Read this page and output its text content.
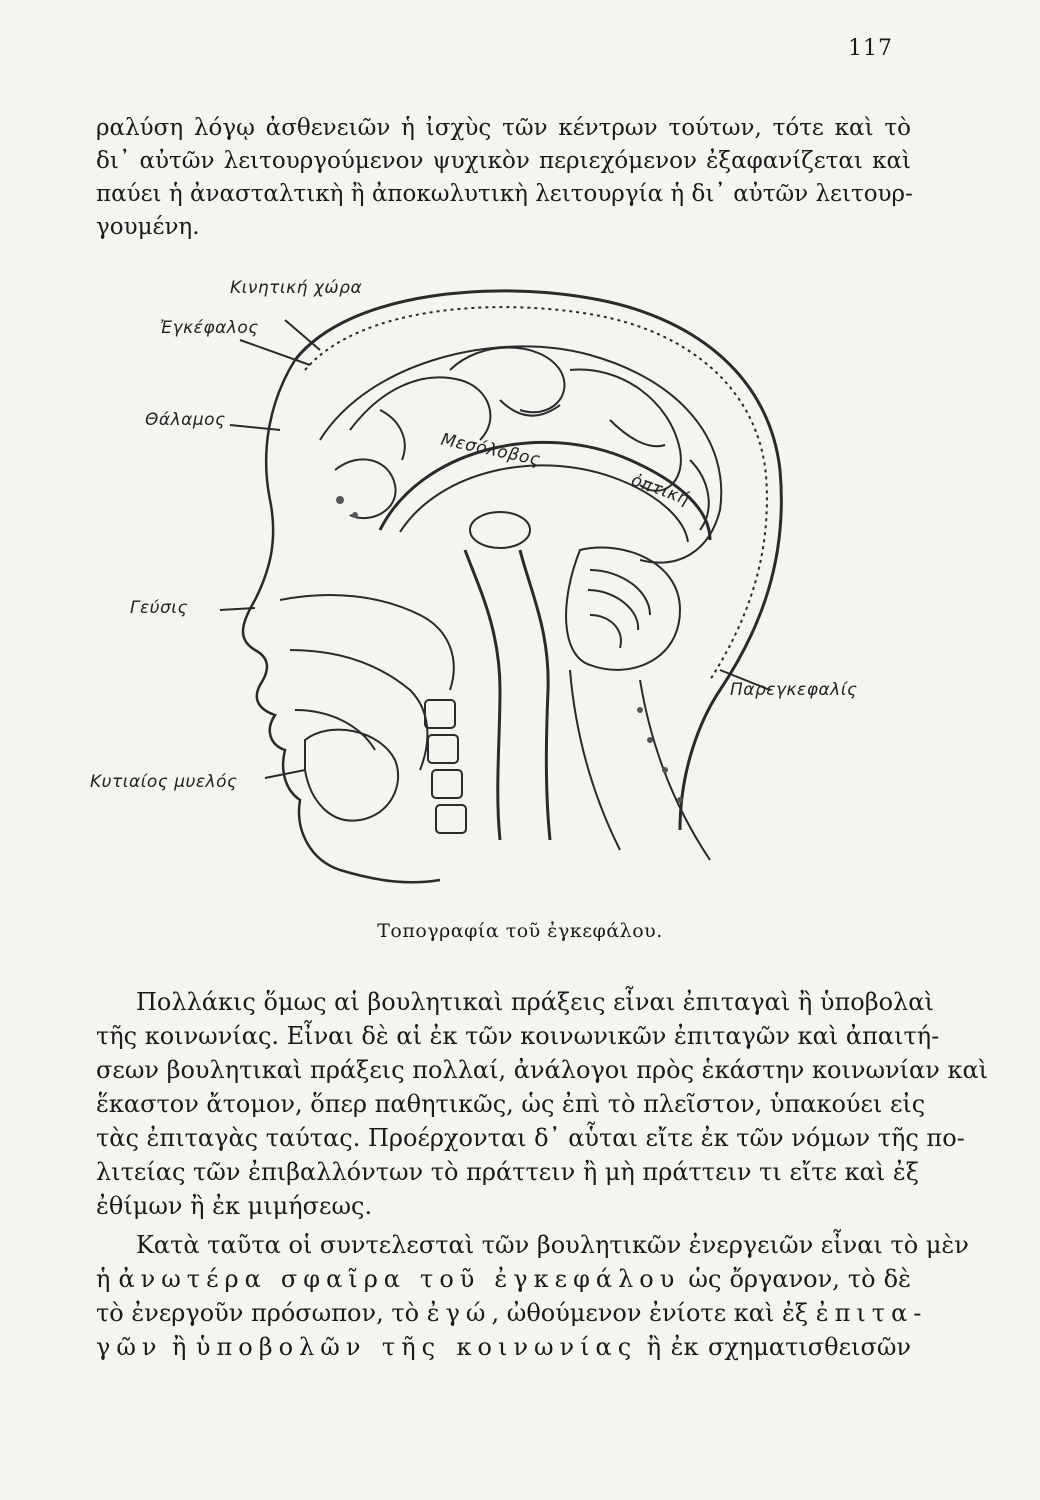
117
ραλύση λόγῳ ἀσθενειῶν ἡ ἰσχὺς τῶν κέντρων τούτων, τότε καὶ τὸ
δι᾽ αὐτῶν λειτουργούμενον ψυχικὸν περιεχόμενον ἐξαφανίζεται καὶ
παύει ἡ ἀνασταλτικὴ ἢ ἀποκωλυτικὴ λειτουργία ἡ δι᾽ αὐτῶν λειτουρ-
γουμένη.
Κινητική χώρα
Ἐγκέφαλος
Θάλαμος
Μεσόλοβος
ὀπτική
Γεύσις
Παρεγκεφαλίς
Κυτιαίος μυελός
Τοπογραφία τοῦ ἐγκεφάλου.
Πολλάκις ὅμως αἱ βουλητικαὶ πράξεις εἶναι ἐπιταγαὶ ἢ ὑποβολαὶ
τῆς κοινωνίας. Εἶναι δὲ αἱ ἐκ τῶν κοινωνικῶν ἐπιταγῶν καὶ ἀπαιτή-
σεων βουλητικαὶ πράξεις πολλαί, ἀνάλογοι πρὸς ἑκάστην κοινωνίαν καὶ
ἕκαστον ἄτομον, ὅπερ παθητικῶς, ὡς ἐπὶ τὸ πλεῖστον, ὑπακούει εἰς
τὰς ἐπιταγὰς ταύτας. Προέρχονται δ᾽ αὗται εἴτε ἐκ τῶν νόμων τῆς πο-
λιτείας τῶν ἐπιβαλλόντων τὸ πράττειν ἢ μὴ πράττειν τι εἴτε καὶ ἐξ
ἐθίμων ἢ ἐκ μιμήσεως.
Κατὰ ταῦτα οἱ συντελεσταὶ τῶν βουλητικῶν ἐνεργειῶν εἶναι τὸ μὲν
ἡ ἀνωτέρα σφαῖρα τοῦ ἐγκεφάλου ὡς ὄργανον, τὸ δὲ
τὸ ἐνεργοῦν πρόσωπον, τὸ ἐγώ, ὠθούμενον ἐνίοτε καὶ ἐξ ἐπιτα-
γῶν ἢ ὑποβολῶν τῆς κοινωνίας ἢ ἐκ σχηματισθεισῶν
